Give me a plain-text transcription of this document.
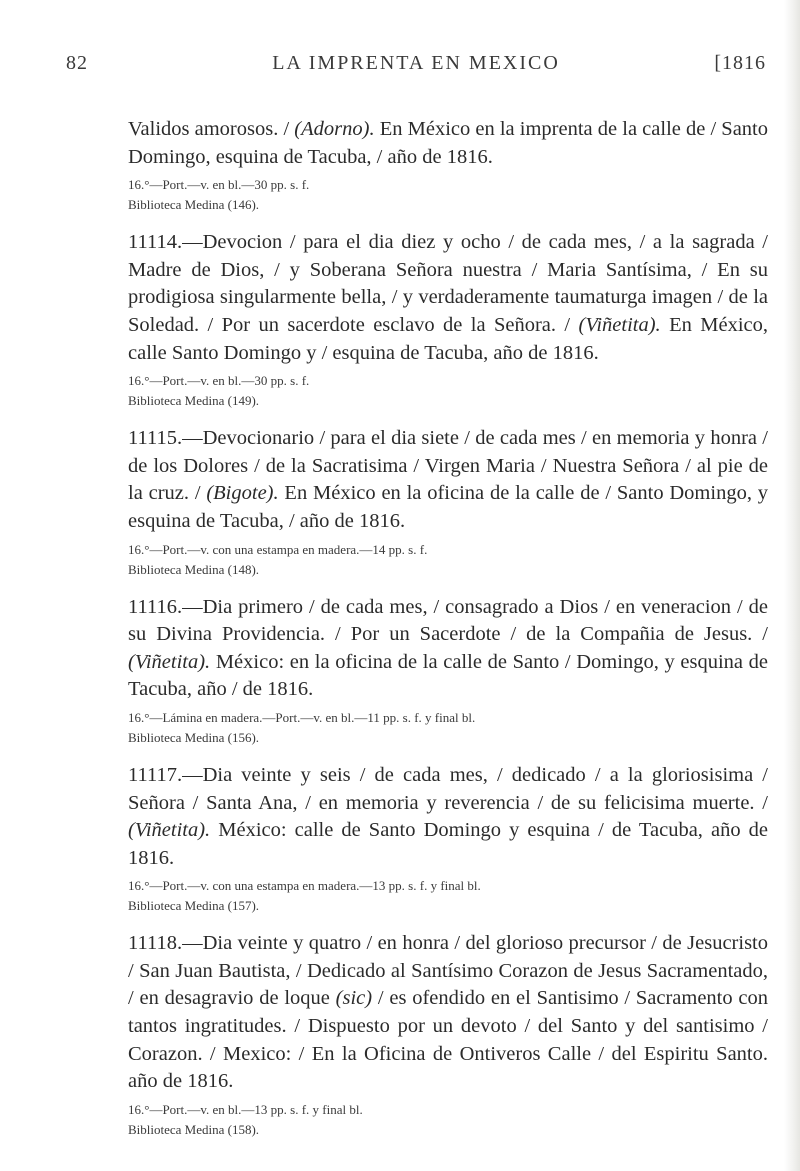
82	LA IMPRENTA EN MEXICO	[1816

Validos amorosos. / (Adorno). En México en la imprenta de la calle de / Santo Domingo, esquina de Tacuba, / año de 1816.

16.°—Port.—v. en bl.—30 pp. s. f.
Biblioteca Medina (146).

11114.—Devocion / para el dia diez y ocho / de cada mes, / a la sagrada / Madre de Dios, / y Soberana Señora nuestra / Maria Santísima, / En su prodigiosa singularmente bella, / y verdaderamente taumaturga imagen / de la Soledad. / Por un sacerdote esclavo de la Señora. / (Viñetita). En México, calle Santo Domingo y / esquina de Tacuba, año de 1816.

16.°—Port.—v. en bl.—30 pp. s. f.
Biblioteca Medina (149).

11115.—Devocionario / para el dia siete / de cada mes / en memoria y honra / de los Dolores / de la Sacratisima / Virgen Maria / Nuestra Señora / al pie de la cruz. / (Bigote). En México en la oficina de la calle de / Santo Domingo, y esquina de Tacuba, / año de 1816.

16.°—Port.—v. con una estampa en madera.—14 pp. s. f.
Biblioteca Medina (148).

11116.—Dia primero / de cada mes, / consagrado a Dios / en veneracion / de su Divina Providencia. / Por un Sacerdote / de la Compañia de Jesus. / (Viñetita). México: en la oficina de la calle de Santo / Domingo, y esquina de Tacuba, año / de 1816.

16.°—Lámina en madera.—Port.—v. en bl.—11 pp. s. f. y final bl.
Biblioteca Medina (156).

11117.—Dia veinte y seis / de cada mes, / dedicado / a la gloriosisima / Señora / Santa Ana, / en memoria y reverencia / de su felicisima muerte. / (Viñetita). México: calle de Santo Domingo y esquina / de Tacuba, año de 1816.

16.°—Port.—v. con una estampa en madera.—13 pp. s. f. y final bl.
Biblioteca Medina (157).

11118.—Dia veinte y quatro / en honra / del glorioso precursor / de Jesucristo / San Juan Bautista, / Dedicado al Santísimo Corazon de Jesus Sacramentado, / en desagravio de loque (sic) / es ofendido en el Santisimo / Sacramento con tantos ingratitudes. / Dispuesto por un devoto / del Santo y del santisimo / Corazon. / Mexico: / En la Oficina de Ontiveros Calle / del Espiritu Santo. año de 1816.

16.°—Port.—v. en bl.—13 pp. s. f. y final bl.
Biblioteca Medina (158).
